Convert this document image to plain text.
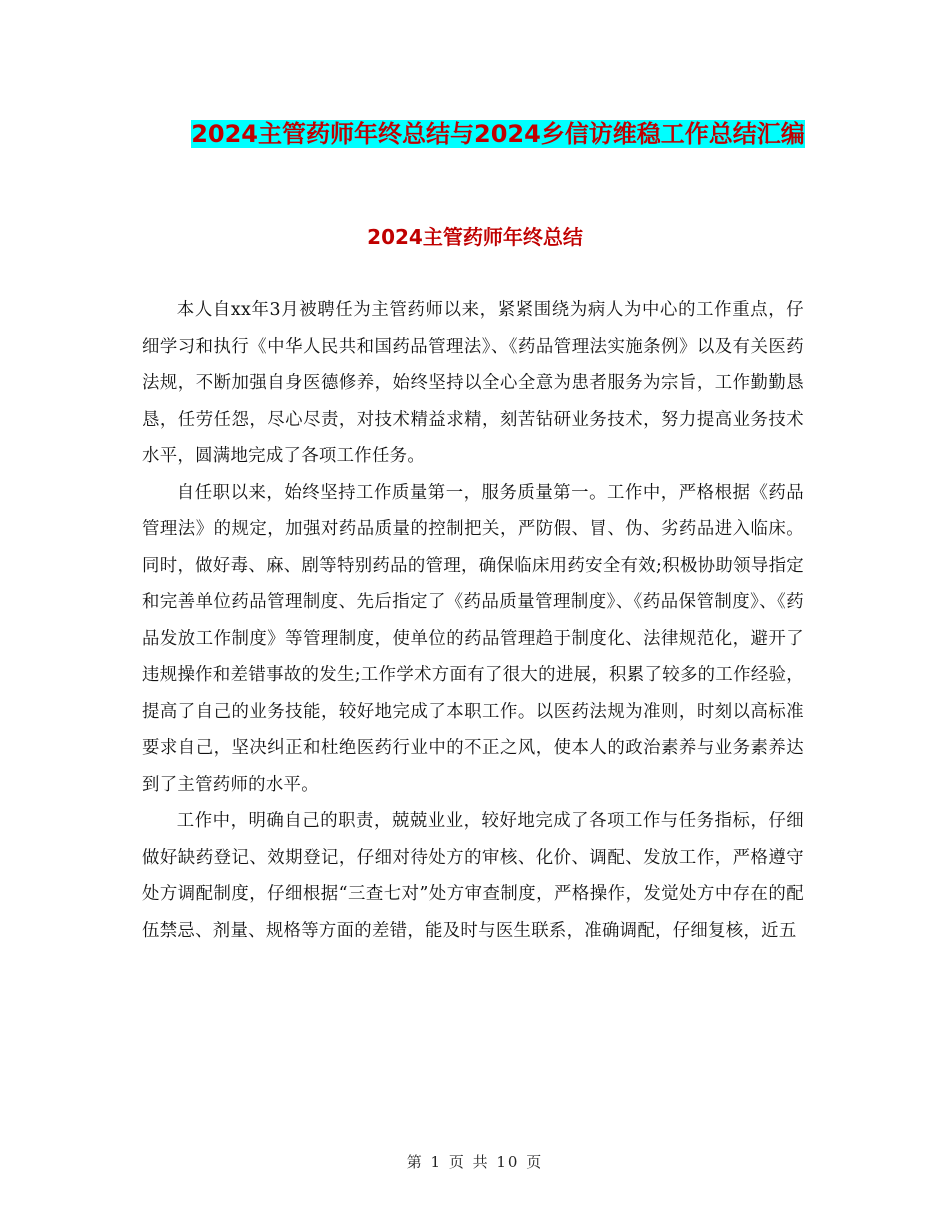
2024主管药师年终总结与2024乡信访维稳工作总结汇编
2024主管药师年终总结

本人自xx年3月被聘任为主管药师以来，紧紧围绕为病人为中心的工作重点，仔细学习和执行《中华人民共和国药品管理法》、《药品管理法实施条例》以及有关医药法规，不断加强自身医德修养，始终坚持以全心全意为患者服务为宗旨，工作勤勤恳恳，任劳任怨，尽心尽责，对技术精益求精，刻苦钻研业务技术，努力提高业务技术水平，圆满地完成了各项工作任务。

自任职以来，始终坚持工作质量第一，服务质量第一。工作中，严格根据《药品管理法》的规定，加强对药品质量的控制把关，严防假、冒、伪、劣药品进入临床。同时，做好毒、麻、剧等特别药品的管理，确保临床用药安全有效;积极协助领导指定和完善单位药品管理制度、先后指定了《药品质量管理制度》、《药品保管制度》、《药品发放工作制度》等管理制度，使单位的药品管理趋于制度化、法律规范化，避开了违规操作和差错事故的发生;工作学术方面有了很大的进展，积累了较多的工作经验，提高了自己的业务技能，较好地完成了本职工作。以医药法规为准则，时刻以高标准要求自己，坚决纠正和杜绝医药行业中的不正之风，使本人的政治素养与业务素养达到了主管药师的水平。

工作中，明确自己的职责，兢兢业业，较好地完成了各项工作与任务指标，仔细做好缺药登记、效期登记，仔细对待处方的审核、化价、调配、发放工作，严格遵守处方调配制度，仔细根据“三查七对”处方审查制度，严格操作，发觉处方中存在的配伍禁忌、剂量、规格等方面的差错，能及时与医生联系，准确调配，仔细复核，近五

第 1 页 共 10 页
